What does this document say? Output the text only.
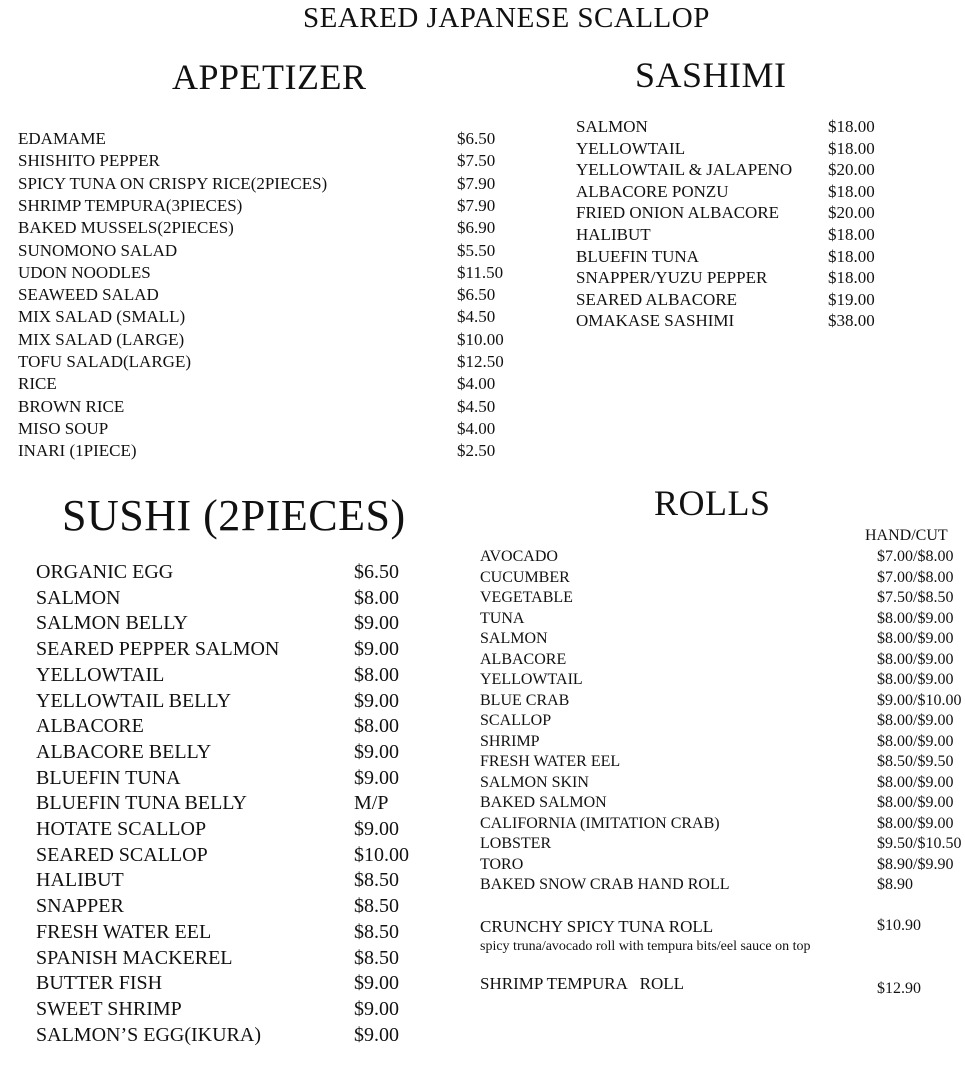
SEARED JAPANESE SCALLOP
APPETIZER	SASHIMI
SUSHI (2PIECES)	ROLLS
HAND/CUT
EDAMAME	$6.50
SHISHITO PEPPER	$7.50
SPICY TUNA ON CRISPY RICE(2PIECES)	$7.90
SHRIMP TEMPURA(3PIECES)	$7.90
BAKED MUSSELS(2PIECES)	$6.90
SUNOMONO SALAD	$5.50
UDON NOODLES	$11.50
SEAWEED SALAD	$6.50
MIX SALAD (SMALL)	$4.50
MIX SALAD (LARGE)	$10.00
TOFU SALAD(LARGE)	$12.50
RICE	$4.00
BROWN RICE	$4.50
MISO SOUP	$4.00
INARI (1PIECE)	$2.50
SALMON	$18.00
YELLOWTAIL	$18.00
YELLOWTAIL & JALAPENO $20.00
ALBACORE PONZU	$18.00
FRIED ONION ALBACORE	$20.00
HALIBUT	$18.00
BLUEFIN TUNA	$18.00
SNAPPER/YUZU PEPPER	$18.00
SEARED ALBACORE	$19.00
OMAKASE SASHIMI	$38.00
ORGANIC EGG	$6.50
SALMON	$8.00
SALMON BELLY	$9.00
SEARED PEPPER SALMON	$9.00
YELLOWTAIL	$8.00
YELLOWTAIL BELLY	$9.00
ALBACORE	$8.00
ALBACORE BELLY	$9.00
BLUEFIN TUNA	$9.00
BLUEFIN TUNA BELLY	M/P
HOTATE SCALLOP	$9.00
SEARED SCALLOP	$10.00
HALIBUT	$8.50
SNAPPER	$8.50
FRESH WATER EEL	$8.50
SPANISH MACKEREL	$8.50
BUTTER FISH	$9.00
SWEET SHRIMP	$9.00
SALMON’S EGG(IKURA)	$9.00
AVOCADO	$7.00/$8.00
CUCUMBER	$7.00/$8.00
VEGETABLE	$7.50/$8.50
TUNA	$8.00/$9.00
SALMON	$8.00/$9.00
ALBACORE	$8.00/$9.00
YELLOWTAIL	$8.00/$9.00
BLUE CRAB	$9.00/$10.00
SCALLOP	$8.00/$9.00
SHRIMP	$8.00/$9.00
FRESH WATER EEL	$8.50/$9.50
SALMON SKIN	$8.00/$9.00
BAKED SALMON	$8.00/$9.00
CALIFORNIA (IMITATION CRAB)	$8.00/$9.00
LOBSTER	$9.50/$10.50
TORO	$8.90/$9.90
BAKED SNOW CRAB HAND ROLL	$8.90
CRUNCHY SPICY TUNA ROLL	$10.90
spicy truna/avocado roll with tempura bits/eel sauce on top
SHRIMP TEMPURA   ROLL	$12.90
